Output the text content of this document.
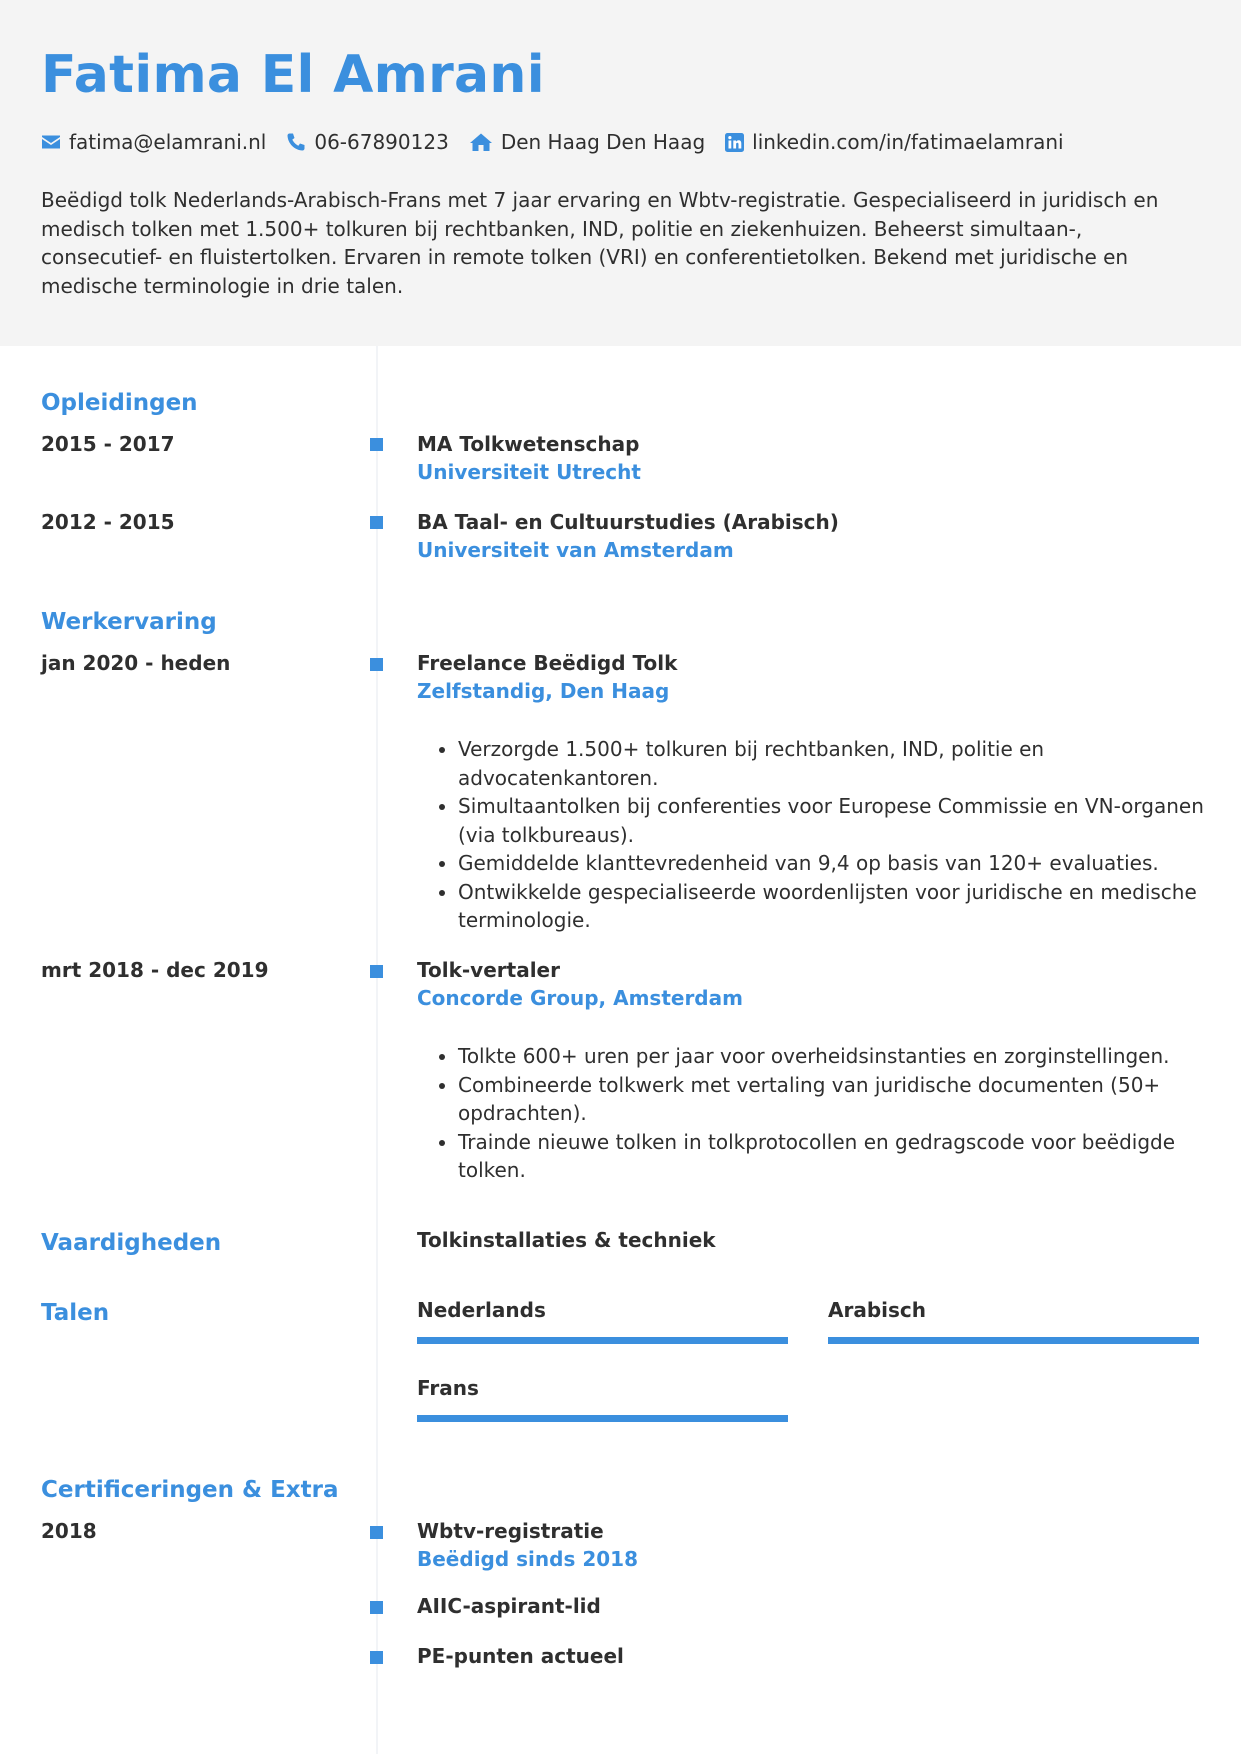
Fatima El Amrani
fatima@elamrani.nl 06-67890123	Den Haag Den Haag linkedin.com/in/fatimaelamrani

Beëdigd tolk Nederlands-Arabisch-Frans met 7 jaar ervaring en Wbtv-registratie. Gespecialiseerd in juridisch en medisch tolken met 1.500+ tolkuren bij rechtbanken, IND, politie en ziekenhuizen. Beheerst simultaan-, consecutief- en fluistertolken. Ervaren in remote tolken (VRI) en conferentietolken. Bekend met juridische en medische terminologie in drie talen.

Opleidingen
2015 - 2017	MA Tolkwetenschap
Universiteit Utrecht
2012 - 2015	BA Taal- en Cultuurstudies (Arabisch)
Universiteit van Amsterdam
Werkervaring
jan 2020 - heden	Freelance Beëdigd Tolk
Zelfstandig, Den Haag
• Verzorgde 1.500+ tolkuren bij rechtbanken, IND, politie en advocatenkantoren.
• Simultaantolken bij conferenties voor Europese Commissie en VN-organen (via tolkbureaus).
• Gemiddelde klanttevredenheid van 9,4 op basis van 120+ evaluaties.
• Ontwikkelde gespecialiseerde woordenlijsten voor juridische en medische terminologie.
mrt 2018 - dec 2019	Tolk-vertaler
Concorde Group, Amsterdam
• Tolkte 600+ uren per jaar voor overheidsinstanties en zorginstellingen.
• Combineerde tolkwerk met vertaling van juridische documenten (50+ opdrachten).
• Trainde nieuwe tolken in tolkprotocollen en gedragscode voor beëdigde tolken.
Vaardigheden	Tolkinstallaties & techniek
Talen	Nederlands	Arabisch
Frans
Certificeringen & Extra
2018	Wbtv-registratie
Beëdigd sinds 2018
AIIC-aspirant-lid
PE-punten actueel
